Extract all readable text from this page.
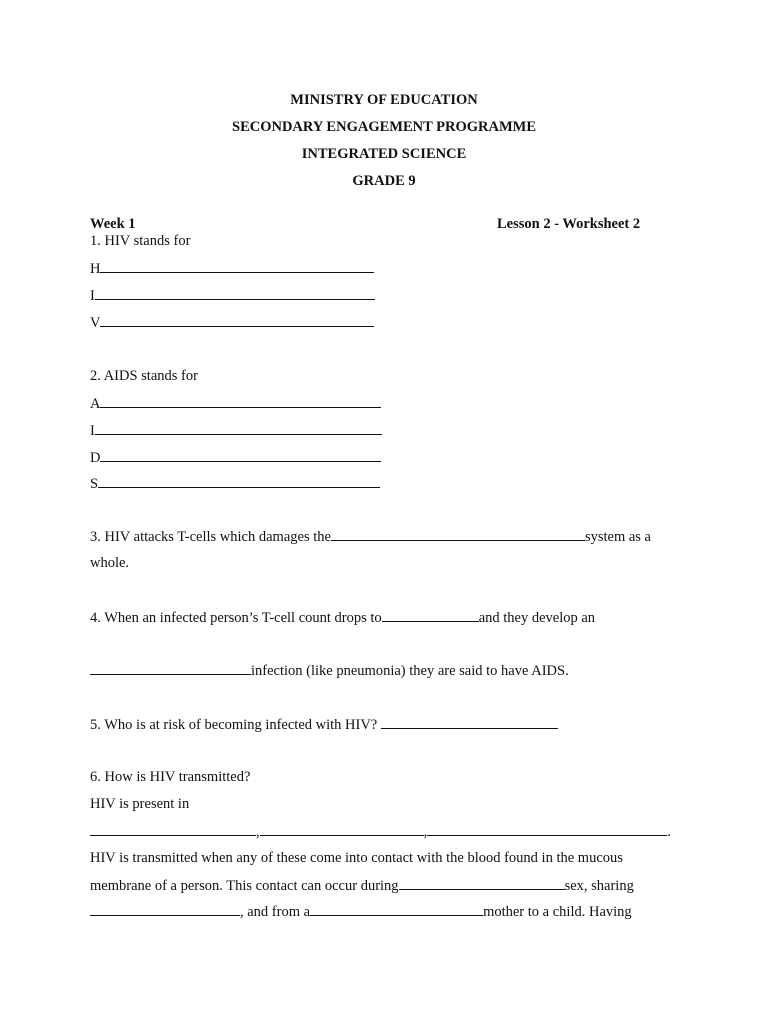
MINISTRY OF EDUCATION
SECONDARY ENGAGEMENT PROGRAMME
INTEGRATED SCIENCE
GRADE 9
Week 1	Lesson 2 - Worksheet 2
1. HIV stands for
H
I
V
2. AIDS stands for
A
I
D
S
3. HIV attacks T-cells which damages the	system as a
whole.
4. When an infected person’s T-cell count drops to	and they develop an
infection (like pneumonia) they are said to have AIDS.
5. Who is at risk of becoming infected with HIV?
6. How is HIV transmitted?
HIV is present in
,	,	.
HIV is transmitted when any of these come into contact with the blood found in the mucous
membrane of a person. This contact can occur during	sex, sharing
, and from a	mother to a child. Having
